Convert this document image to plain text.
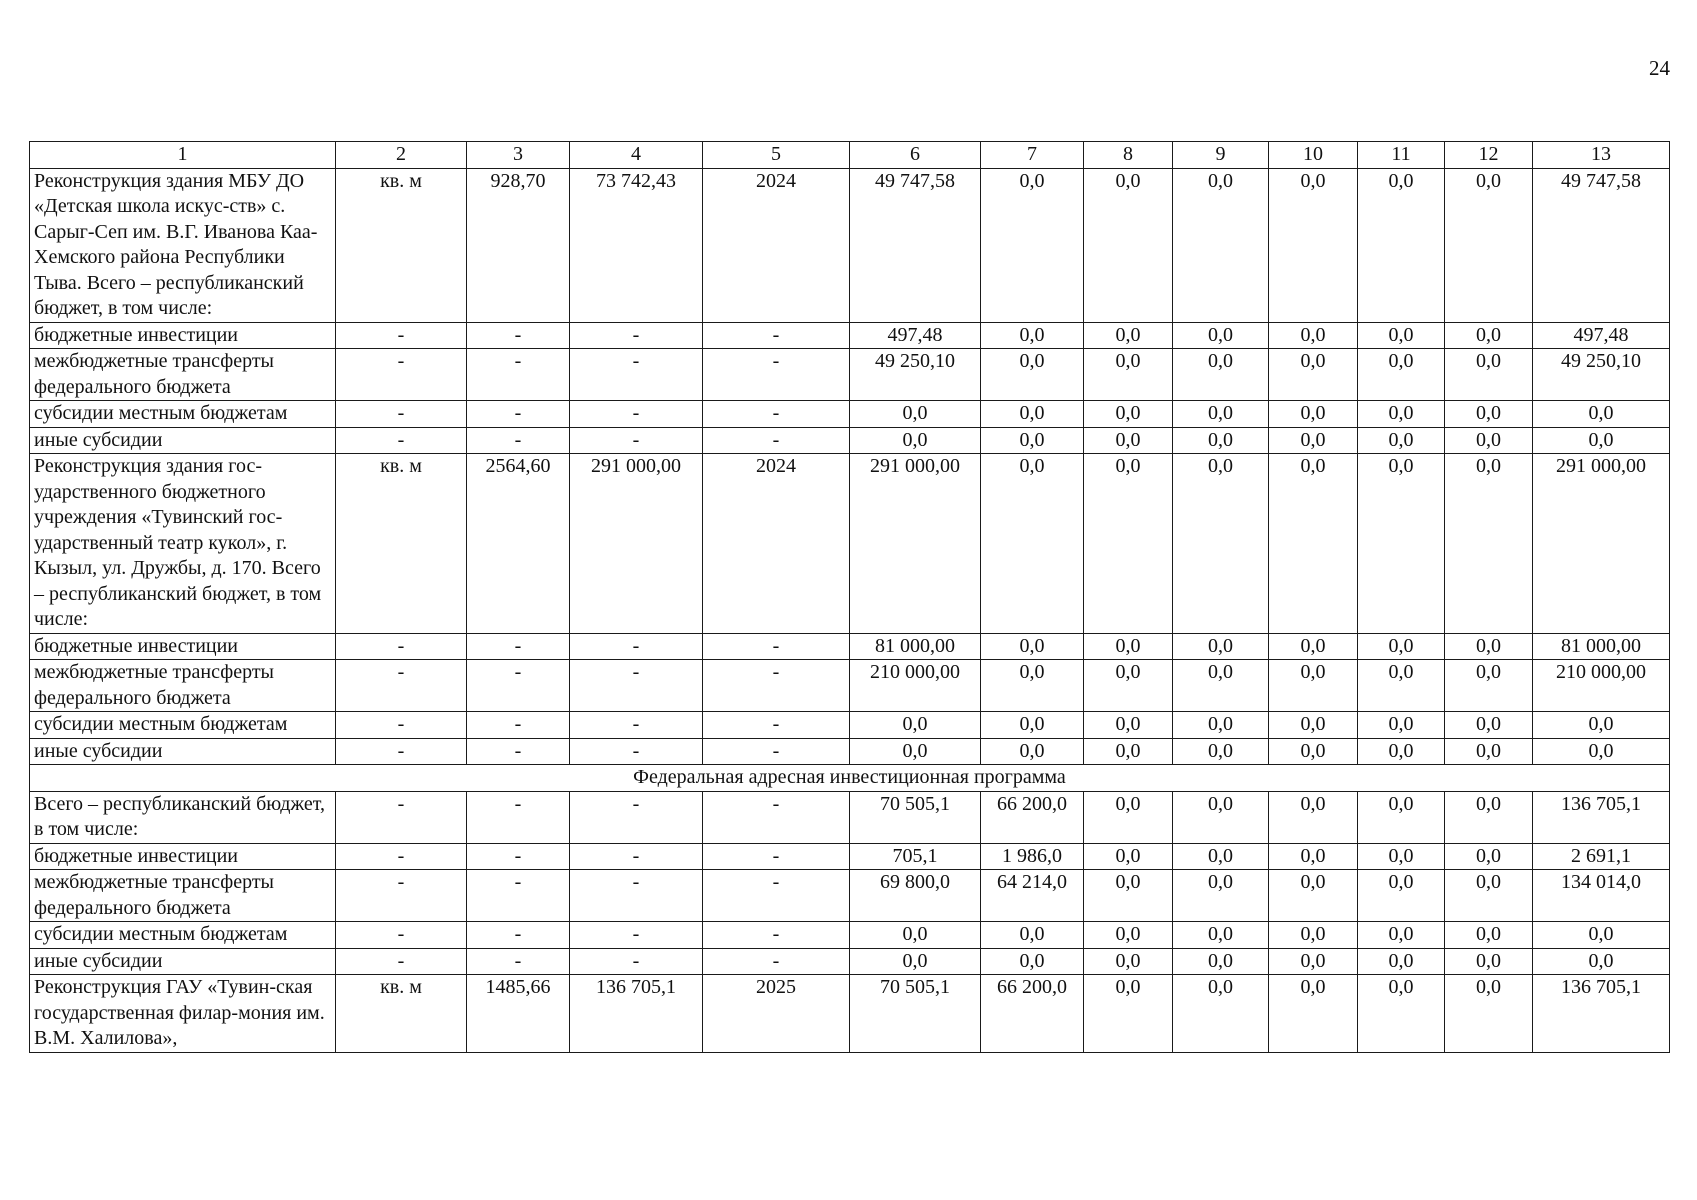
24
1	2	3	4	5	6	7	8	9	10	11	12	13
Реконструкция здания МБУ ДО «Детская школа искус-ств» с. Сарыг-Сеп им. В.Г. Иванова Каа-Хемского района Республики Тыва. Всего – республиканский бюджет, в том числе:	кв. м	928,70	73 742,43	2024	49 747,58	0,0	0,0	0,0	0,0	0,0	0,0	49 747,58
бюджетные инвестиции	-	-	-	-	497,48	0,0	0,0	0,0	0,0	0,0	0,0	497,48
межбюджетные трансферты федерального бюджета	-	-	-	-	49 250,10	0,0	0,0	0,0	0,0	0,0	0,0	49 250,10
субсидии местным бюджетам	-	-	-	-	0,0	0,0	0,0	0,0	0,0	0,0	0,0	0,0
иные субсидии	-	-	-	-	0,0	0,0	0,0	0,0	0,0	0,0	0,0	0,0
Реконструкция здания гос-ударственного бюджетного учреждения «Тувинский гос-ударственный театр кукол», г. Кызыл, ул. Дружбы, д. 170. Всего – республиканский бюджет, в том числе:	кв. м	2564,60	291 000,00	2024	291 000,00	0,0	0,0	0,0	0,0	0,0	0,0	291 000,00
бюджетные инвестиции	-	-	-	-	81 000,00	0,0	0,0	0,0	0,0	0,0	0,0	81 000,00
межбюджетные трансферты федерального бюджета	-	-	-	-	210 000,00	0,0	0,0	0,0	0,0	0,0	0,0	210 000,00
субсидии местным бюджетам	-	-	-	-	0,0	0,0	0,0	0,0	0,0	0,0	0,0	0,0
иные субсидии	-	-	-	-	0,0	0,0	0,0	0,0	0,0	0,0	0,0	0,0
Федеральная адресная инвестиционная программа												
Всего – республиканский бюджет, в том числе:	-	-	-	-	70 505,1	66 200,0	0,0	0,0	0,0	0,0	0,0	136 705,1
бюджетные инвестиции	-	-	-	-	705,1	1 986,0	0,0	0,0	0,0	0,0	0,0	2 691,1
межбюджетные трансферты федерального бюджета	-	-	-	-	69 800,0	64 214,0	0,0	0,0	0,0	0,0	0,0	134 014,0
субсидии местным бюджетам	-	-	-	-	0,0	0,0	0,0	0,0	0,0	0,0	0,0	0,0
иные субсидии	-	-	-	-	0,0	0,0	0,0	0,0	0,0	0,0	0,0	0,0
Реконструкция ГАУ «Тувин-ская государственная филар-мония им. В.М. Халилова»,	кв. м	1485,66	136 705,1	2025	70 505,1	66 200,0	0,0	0,0	0,0	0,0	0,0	136 705,1
